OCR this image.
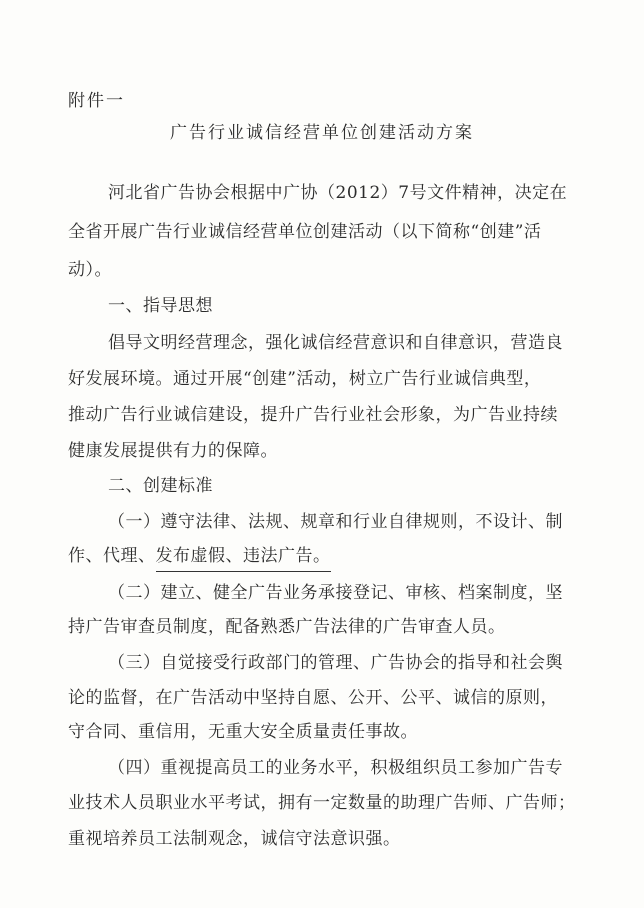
附件一
广告行业诚信经营单位创建活动方案
河北省广告协会根据中广协（2012）7号文件精神，决定在
全省开展广告行业诚信经营单位创建活动（以下简称“创建”活
动）。
一、指导思想
倡导文明经营理念，强化诚信经营意识和自律意识，营造良
好发展环境。通过开展“创建”活动，树立广告行业诚信典型，
推动广告行业诚信建设，提升广告行业社会形象，为广告业持续
健康发展提供有力的保障。
二、创建标准
（一）遵守法律、法规、规章和行业自律规则，不设计、制
作、代理、发布虚假、违法广告。
（二）建立、健全广告业务承接登记、审核、档案制度，坚
持广告审查员制度，配备熟悉广告法律的广告审查人员。
（三）自觉接受行政部门的管理、广告协会的指导和社会舆
论的监督，在广告活动中坚持自愿、公开、公平、诚信的原则，
守合同、重信用，无重大安全质量责任事故。
（四）重视提高员工的业务水平，积极组织员工参加广告专
业技术人员职业水平考试，拥有一定数量的助理广告师、广告师；
重视培养员工法制观念，诚信守法意识强。
